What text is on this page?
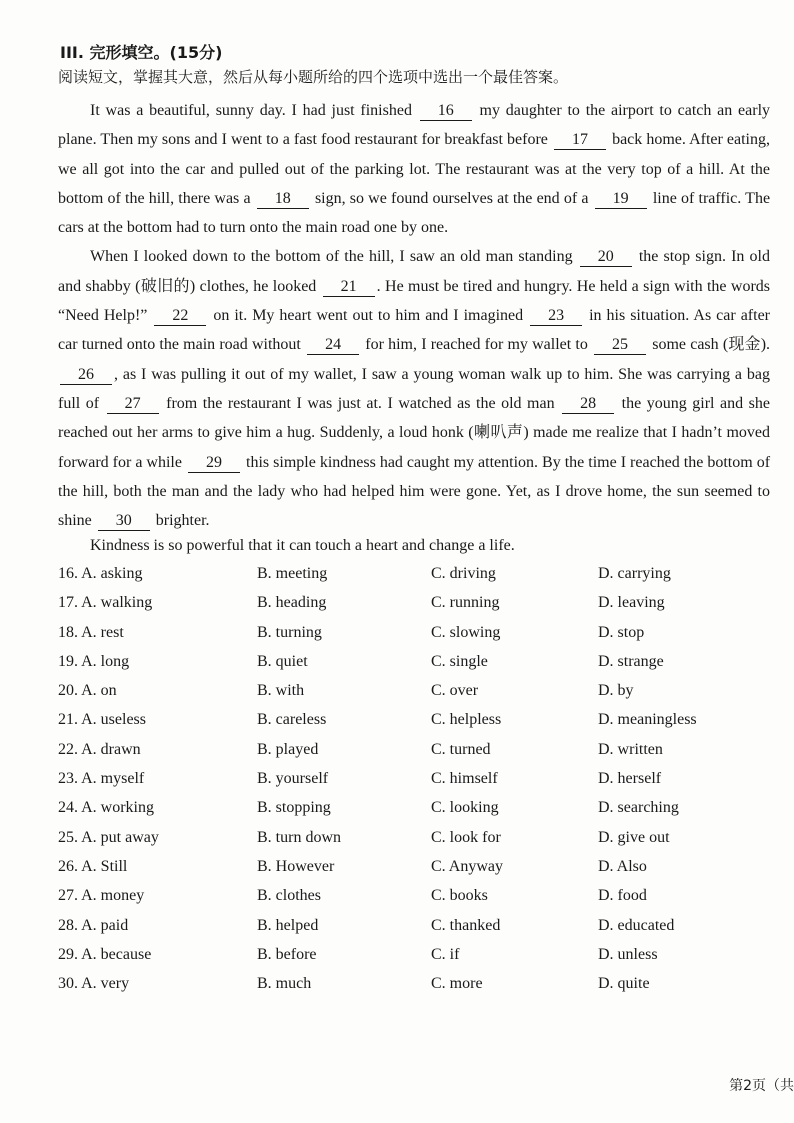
III. 完形填空。(15分)
阅读短文，掌握其大意，然后从每小题所给的四个选项中选出一个最佳答案。

It was a beautiful, sunny day. I had just finished 16 my daughter to the airport to catch an early plane. Then my sons and I went to a fast food restaurant for breakfast before 17 back home. After eating, we all got into the car and pulled out of the parking lot. The restaurant was at the very top of a hill. At the bottom of the hill, there was a 18 sign, so we found ourselves at the end of a 19 line of traffic. The cars at the bottom had to turn onto the main road one by one.

When I looked down to the bottom of the hill, I saw an old man standing 20 the stop sign. In old and shabby (破旧的) clothes, he looked 21 . He must be tired and hungry. He held a sign with the words “Need Help!” 22 on it. My heart went out to him and I imagined 23 in his situation. As car after car turned onto the main road without 24 for him, I reached for my wallet to 25 some cash (现金). 26 , as I was pulling it out of my wallet, I saw a young woman walk up to him. She was carrying a bag full of 27 from the restaurant I was just at. I watched as the old man 28 the young girl and she reached out her arms to give him a hug. Suddenly, a loud honk (喇叭声) made me realize that I hadn’t moved forward for a while 29 this simple kindness had caught my attention. By the time I reached the bottom of the hill, both the man and the lady who had helped him were gone. Yet, as I drove home, the sun seemed to shine 30 brighter.

Kindness is so powerful that it can touch a heart and change a life.
16. A. asking	B. meeting	C. driving	D. carrying
17. A. walking	B. heading	C. running	D. leaving
18. A. rest	B. turning	C. slowing	D. stop
19. A. long	B. quiet	C. single	D. strange
20. A. on	B. with	C. over	D. by
21. A. useless	B. careless	C. helpless	D. meaningless
22. A. drawn	B. played	C. turned	D. written
23. A. myself	B. yourself	C. himself	D. herself
24. A. working	B. stopping	C. looking	D. searching
25. A. put away	B. turn down	C. look for	D. give out
26. A. Still	B. However	C. Anyway	D. Also
27. A. money	B. clothes	C. books	D. food
28. A. paid	B. helped	C. thanked	D. educated
29. A. because	B. before	C. if	D. unless
30. A. very	B. much	C. more	D. quite
第2页（共
